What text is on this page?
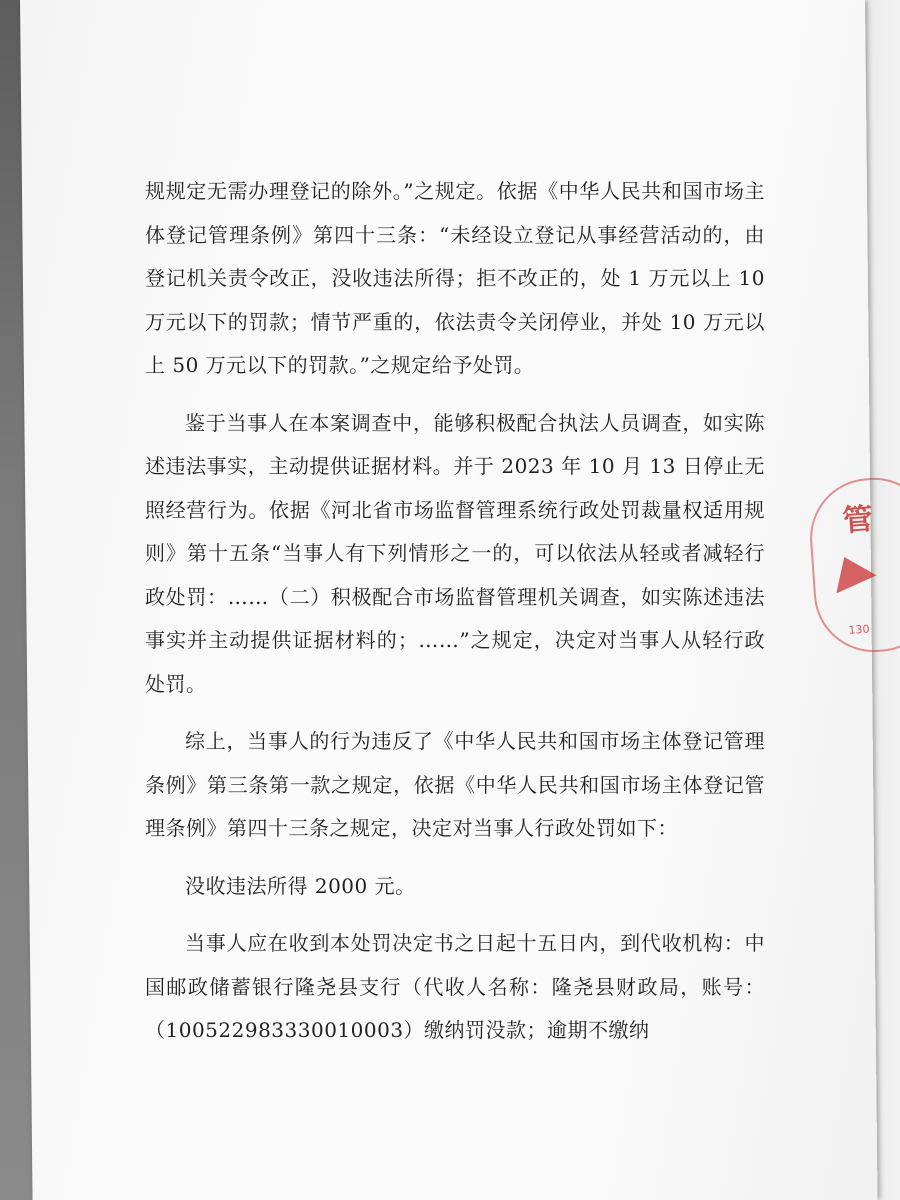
管
130

规规定无需办理登记的除外。”之规定。依据《中华人民共和国市场主体登记管理条例》第四十三条：“未经设立登记从事经营活动的，由登记机关责令改正，没收违法所得；拒不改正的，处 1 万元以上 10 万元以下的罚款；情节严重的，依法责令关闭停业，并处 10 万元以上 50 万元以下的罚款。”之规定给予处罚。

鉴于当事人在本案调查中，能够积极配合执法人员调查，如实陈述违法事实，主动提供证据材料。并于 2023 年 10 月 13 日停止无照经营行为。依据《河北省市场监督管理系统行政处罚裁量权适用规则》第十五条“当事人有下列情形之一的，可以依法从轻或者减轻行政处罚：……（二）积极配合市场监督管理机关调查，如实陈述违法事实并主动提供证据材料的；……”之规定，决定对当事人从轻行政处罚。

综上，当事人的行为违反了《中华人民共和国市场主体登记管理条例》第三条第一款之规定，依据《中华人民共和国市场主体登记管理条例》第四十三条之规定，决定对当事人行政处罚如下：

没收违法所得 2000 元。

当事人应在收到本处罚决定书之日起十五日内，到代收机构：中国邮政储蓄银行隆尧县支行（代收人名称：隆尧县财政局，账号：（100522983330010003）缴纳罚没款；逾期不缴纳
